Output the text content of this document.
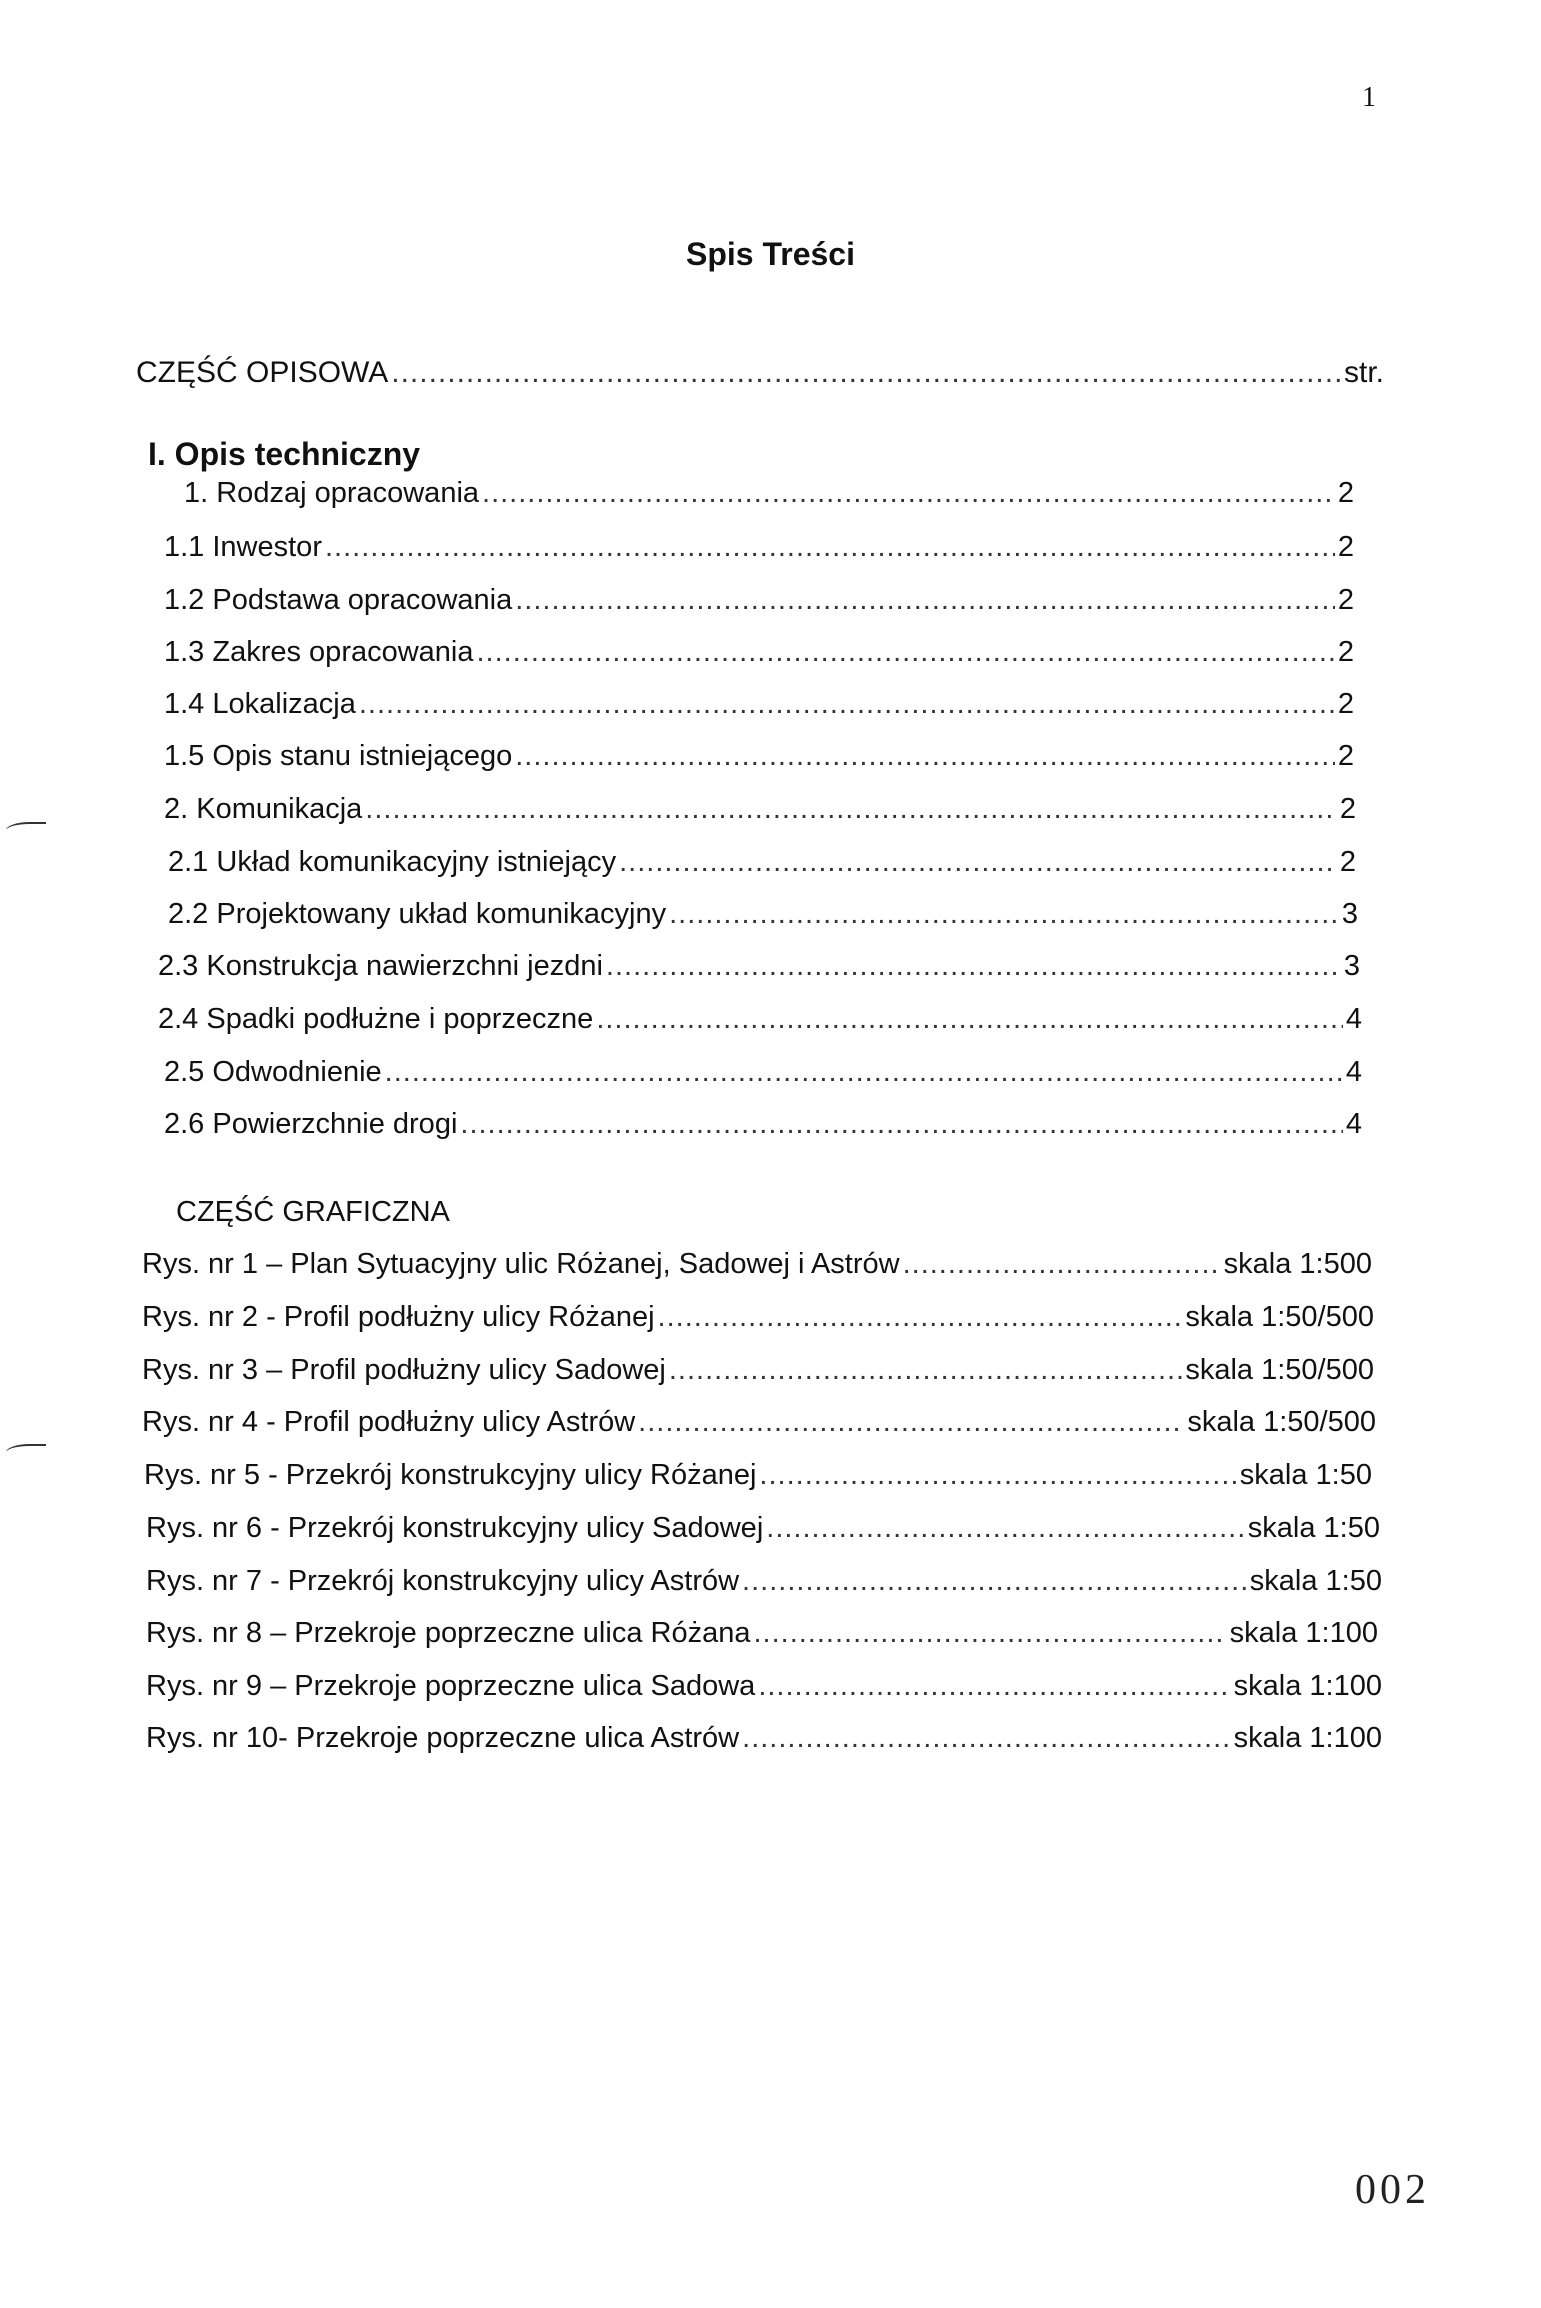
1
Spis Treści
CZĘŚĆ OPISOWA .....	str.
I. Opis techniczny
1. Rodzaj opracowania .....	2
1.1 Inwestor .....	2
1.2 Podstawa opracowania .....	2
1.3 Zakres opracowania .....	2
1.4 Lokalizacja .....	2
1.5 Opis stanu istniejącego .....	2
2. Komunikacja .....	2
2.1 Układ komunikacyjny istniejący .....	2
2.2 Projektowany układ komunikacyjny .....	3
2.3 Konstrukcja nawierzchni jezdni .....	3
2.4 Spadki podłużne i poprzeczne .....	4
2.5 Odwodnienie .....	4
2.6 Powierzchnie drogi .....	4
CZĘŚĆ GRAFICZNA
Rys. nr 1 – Plan Sytuacyjny ulic Różanej, Sadowej i Astrów .....	skala 1:500
Rys. nr 2 - Profil podłużny ulicy Różanej .....	skala 1:50/500
Rys. nr 3 – Profil podłużny ulicy Sadowej .....	skala 1:50/500
Rys. nr 4 - Profil podłużny ulicy Astrów .....	skala 1:50/500
Rys. nr 5 - Przekrój konstrukcyjny ulicy Różanej .....	skala 1:50
Rys. nr 6 - Przekrój konstrukcyjny ulicy Sadowej .....	skala 1:50
Rys. nr 7 - Przekrój konstrukcyjny ulicy Astrów .....	skala 1:50
Rys. nr 8 – Przekroje poprzeczne ulica Różana .....	skala 1:100
Rys. nr 9 – Przekroje poprzeczne ulica Sadowa .....	skala 1:100
Rys. nr 10- Przekroje poprzeczne ulica Astrów .....	skala 1:100
002
